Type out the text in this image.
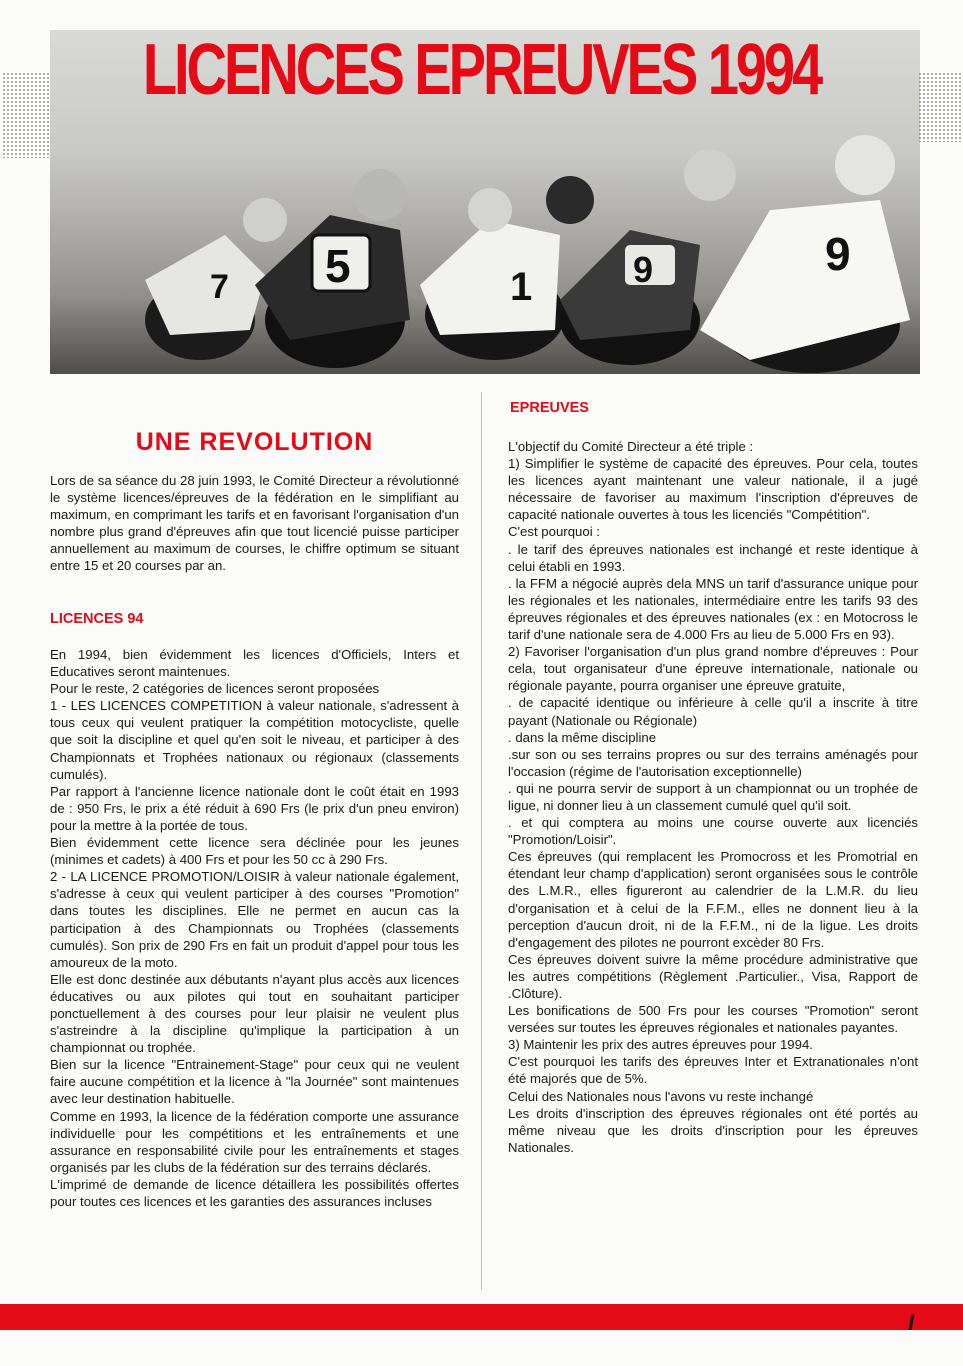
7 5	1	9	9
LICENCES EPREUVES 1994
UNE REVOLUTION

Lors de sa séance du 28 juin 1993, le Comité Directeur a révolutionné le système licences/épreuves de la fédération en le simplifiant au maximum, en comprimant les tarifs et en favorisant l'organisation d'un nombre plus grand d'épreuves afin que tout licencié puisse participer annuellement au maximum de courses, le chiffre optimum se situant entre 15 et 20 courses par an.

LICENCES 94

En 1994, bien évidemment les licences d'Officiels, Inters et Educatives seront maintenues.

Pour le reste, 2 catégories de licences seront proposées

1 - LES LICENCES COMPETITION à valeur nationale, s'adressent à tous ceux qui veulent pratiquer la compétition motocycliste, quelle que soit la discipline et quel qu'en soit le niveau, et participer à des Championnats et Trophées nationaux ou régionaux (classements cumulés).

Par rapport à l'ancienne licence nationale dont le coût était en 1993 de : 950 Frs, le prix a été réduit à 690 Frs (le prix d'un pneu environ) pour la mettre à la portée de tous.

Bien évidemment cette licence sera déclinée pour les jeunes (minimes et cadets) à 400 Frs et pour les 50 cc à 290 Frs.

2 - LA LICENCE PROMOTION/LOISIR à valeur nationale également, s'adresse à ceux qui veulent participer à des courses "Promotion" dans toutes les disciplines. Elle ne permet en aucun cas la participation à des Championnats ou Trophées (classements cumulés). Son prix de 290 Frs en fait un produit d'appel pour tous les amoureux de la moto.

Elle est donc destinée aux débutants n'ayant plus accès aux licences éducatives ou aux pilotes qui tout en souhaitant participer ponctuellement à des courses pour leur plaisir ne veulent plus s'astreindre à la discipline qu'implique la participation à un championnat ou trophée.

Bien sur la licence "Entrainement-Stage" pour ceux qui ne veulent faire aucune compétition et la licence à "la Journée" sont maintenues avec leur destination habituelle.

Comme en 1993, la licence de la fédération comporte une assurance individuelle pour les compétitions et les entraînements et une assurance en responsabilité civile pour les entraînements et stages organisés par les clubs de la fédération sur des terrains déclarés.

L'imprimé de demande de licence détaillera les possibilités offertes pour toutes ces licences et les garanties des assurances incluses

EPREUVES

L'objectif du Comité Directeur a été triple :

1) Simplifier le système de capacité des épreuves. Pour cela, toutes les licences ayant maintenant une valeur nationale, il a jugé nécessaire de favoriser au maximum l'inscription d'épreuves de capacité nationale ouvertes à tous les licenciés "Compétition".

C'est pourquoi :

. le tarif des épreuves nationales est inchangé et reste identique à celui établi en 1993.

. la FFM a négocié auprès dela MNS un tarif d'assurance unique pour les régionales et les nationales, intermédiaire entre les tarifs 93 des épreuves régionales et des épreuves nationales (ex : en Motocross le tarif d'une nationale sera de 4.000 Frs au lieu de 5.000 Frs en 93).

2) Favoriser l'organisation d'un plus grand nombre d'épreuves : Pour cela, tout organisateur d'une épreuve internationale, nationale ou régionale payante, pourra organiser une épreuve gratuite,

. de capacité identique ou inférieure à celle qu'il a inscrite à titre payant (Nationale ou Régionale)

. dans la même discipline

.sur son ou ses terrains propres ou sur des terrains aménagés pour l'occasion (régime de l'autorisation exceptionnelle)

. qui ne pourra servir de support à un championnat ou un trophée de ligue, ni donner lieu à un classement cumulé quel qu'il soit.

. et qui comptera au moins une course ouverte aux licenciés "Promotion/Loisir".

Ces épreuves (qui remplacent les Promocross et les Promotrial en étendant leur champ d'application) seront organisées sous le contrôle des L.M.R., elles figureront au calendrier de la L.M.R. du lieu d'organisation et à celui de la F.F.M., elles ne donnent lieu à la perception d'aucun droit, ni de la F.F.M., ni de la ligue. Les droits d'engagement des pilotes ne pourront excèder 80 Frs.

Ces épreuves doivent suivre la même procédure administrative que les autres compétitions (Règlement .Particulier., Visa, Rapport de .Clôture).

Les bonifications de 500 Frs pour les courses "Promotion" seront versées sur toutes les épreuves régionales et nationales payantes.

3) Maintenir les prix des autres épreuves pour 1994.

C'est pourquoi les tarifs des épreuves Inter et Extranationales n'ont été majorés que de 5%.

Celui des Nationales nous l'avons vu reste inchangé

Les droits d'inscription des épreuves régionales ont été portés au même niveau que les droits d'inscription pour les épreuves Nationales.

I
